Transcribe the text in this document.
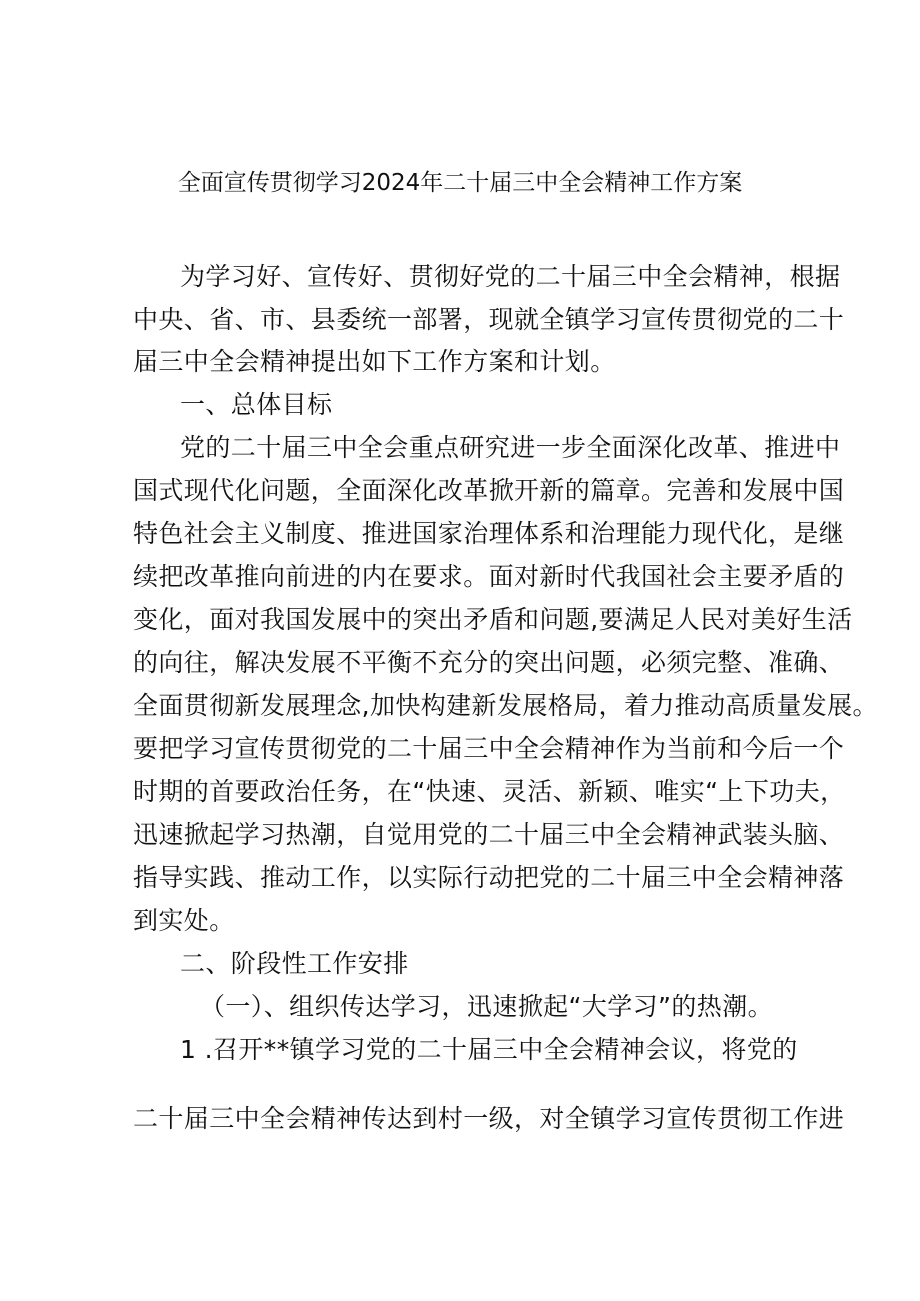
全面宣传贯彻学习2024年二十届三中全会精神工作方案
为学习好、宣传好、贯彻好党的二十届三中全会精神，根据
中央、省、市、县委统一部署，现就全镇学习宣传贯彻党的二十
届三中全会精神提出如下工作方案和计划。
一、总体目标
党的二十届三中全会重点研究进一步全面深化改革、推进中
国式现代化问题，全面深化改革掀开新的篇章。完善和发展中国
特色社会主义制度、推进国家治理体系和治理能力现代化，是继
续把改革推向前进的内在要求。面对新时代我国社会主要矛盾的
变化，面对我国发展中的突出矛盾和问题,要满足人民对美好生活
的向往，解决发展不平衡不充分的突出问题，必须完整、准确、
全面贯彻新发展理念,加快构建新发展格局，着力推动高质量发展。
要把学习宣传贯彻党的二十届三中全会精神作为当前和今后一个
时期的首要政治任务，在“快速、灵活、新颖、唯实“上下功夫，
迅速掀起学习热潮，自觉用党的二十届三中全会精神武装头脑、
指导实践、推动工作，以实际行动把党的二十届三中全会精神落
到实处。
二、阶段性工作安排
（一）、组织传达学习，迅速掀起“大学习”的热潮。
1 .召开**镇学习党的二十届三中全会精神会议，将党的
二十届三中全会精神传达到村一级，对全镇学习宣传贯彻工作进
